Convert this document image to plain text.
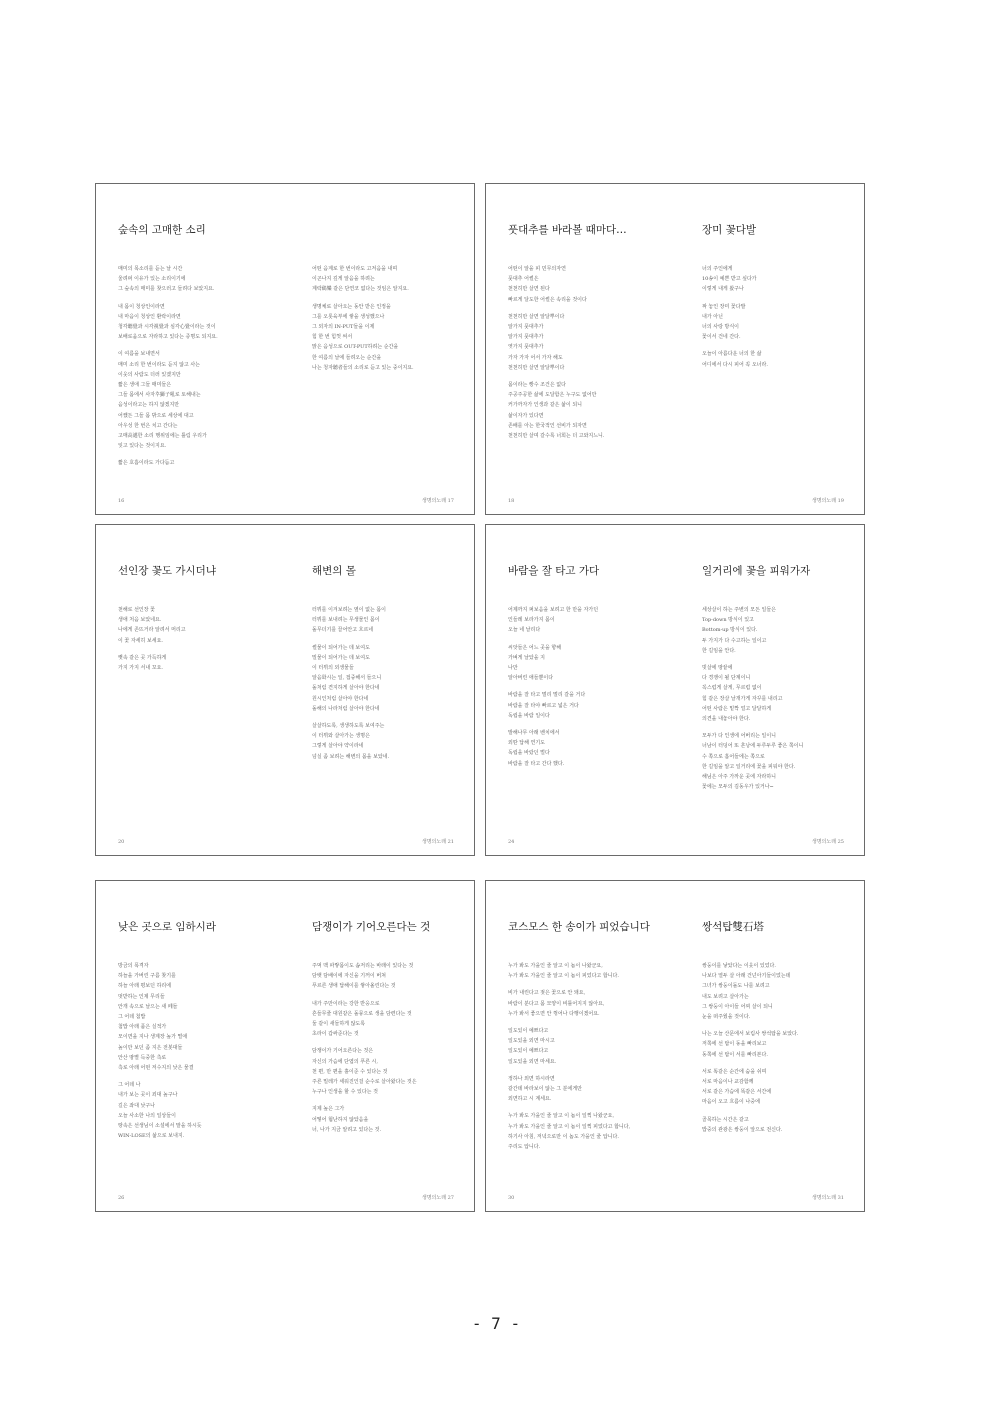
숲속의 고매한 소리
매미의 목소리를 듣는 날 시간
울려퍼 이유가 있는 소리이기에
그 숲속의 매미를 찾으러고 들려다 보았지요.
내 몸이 청상인이라면
내 마음이 청상인 환락이라면
청각聽覺과 시각視覺과 심각心覺이라는 것이
보배로움으로 자라하고 있다는 증명도 되지요.
이 여름을 보내면서
매미 소리 한 번이라도 듣지 않고 사는
이웃의 사람도 더러 있겠지만
짧은 생애 그들 매미들은
그들 몸에서 사자후獅子吼로 토해내는
음성이라고는 하지 않겠지만
어쨌든 그들 몸 밖으로 세상에 대고
아우성 한 번은 치고 간다는
고매高邁한 소리 행위임에는 틀림 우리가
잊고 있다는 것이지요.
짧은 호흡이라도 가다듬고
16
어떤 음계로 한 번이라도 고저음을 내며
이곤나지 깊게 알음을 하려는
계락鷄樂 같은 단연코 없다는 것임은 알지요.
생명체로 살아오는 동안 받은 인정을
그를 오롯육부에 쌓을 생성했으나
그 외자의 IN-PUT들을 이제
힘 한 번 힘껏 써서
맑은 음성으로 OUT-PUT하려는 순간을
한 여름의 날에 들려오는 순간을
나는 청자聽者들의 소리로 듣고 있는 중이지요.
생명의노래 17
풋대추를 바라볼 때마다…
어떤이 알을 피 민무의자연
풋대추 어썰은
천천히만 살면 된다
빠르게 달도한 어썰은 속리을 것이다
천천히만 살면 알달뿌이다
알가지 풋대추가
알가지 풋대추가
엿가지 풋대추가
가자 가자 어서 가자 해도
천천히만 살면 알달뿌이다
몸이라는 빵수 조건은 없다
주공주공한 삶에 도달함은 누구도 없어만
커가까자가 인생과 같은 삶이 되니
삶이자가 있다면
존배를 아는 한국적인 선비가 되자면
천천히만 살며 갈수록 너희는 더 고와지느니.
18
장미 꽃다발
너의 주인에게
10송이 예쁜 받고 싶다가
이렇게 내게 왔구나
짜 놓인 장미 꽃다발
내가 아닌
너의 사랑 방식이
꽃이서 건네 간다.
오늘이 아름다운 너의 한 삶
어디에서 다시 피어 꼭 오너라.
생명의노래 19
선인장 꽃도 가시더냐
천해로 선인장 꽃
생애 처음 보았네요.
나에게 존뜨거라 알려서 머리고
이 꽃 자세히 보세요.
뻣속 같은 곳 가득하게
가지 가지 서내 꼬요.
20
해변의 몰
터뷔를 이겨보려는 옆이 없는 몸이
터뷔를 보내려는 무생물인 몸이
돌무더기를 끌어안고 흐르네
썰물이 되어가는 데 보여도
밀물이 되어가는 데 보여도
이 터뷔의 외생물들
알음화시는 일, 접중해서 들으니
돌처럼 견지하게 살아야 한다네
원시인처럼 살아야 한다네
돌해의 나라처럼 살아야 한다네
살살하도록, 생생하도록 보여주는
이 터뷔와 살아가는 생명은
그렇게 살아야 약이라네
넘실 좀 보려는 해변의 몸을 보았네.
생명의노래 21
바람을 잘 타고 가다
어제까지 퍼보음을 보려고 한 만을 자가던
인들레 보라가지 몸이
오늘 네 날리다
씨앗들은 어느 곳을 향해
가벼게 날았을 지
나만
알아버린 애들뿐이다
바람을 잘 타고 멀리 멀리 갈을 거다
바람을 잘 타야 빠르고 넓은 거다
독립을 바람 일이다
발해나무 아래 벤치에서
외딴 답해 연기도
독립을 바랐던 벌다
바람을 잘 타고 간다 했다.
24
일거리에 꽃을 피워가자
세상살이 하는 주변의 모든 일들은
Top-down 방식이 있고
Bottom-up 방식이 있다.
두 가지가 다 수고하는 일이고
한 길임을 안다.
빗살에 땅끝에
다 경쟁이 될 단계이니
꼭스럽게 살게, 무르럽 없이
힘 같은 장살 날개가게 자꾸를 내리고
어떤 사람은 밑짝 얼고 달달하게
의견을 내놓아야 한다.
모두가 다 인생에 어버리는 일이니
너남이 터덩어 또 흔낭에 두루두루 좋은 쪽이니
수 쪽으로 흡어들에는 쪽으로
한 길임을 알고 일거리에 꽃을 피워야 한다.
해님은 아주 가까운 곳에 자라하니
꽃에는 모두의 김동우가 있거나~
생명의노래 25
낮은 곳으로 임하시라
방금의 폭격자
하늘을 가버린 구름 찾기를
하늘 아래 평보던 하리에
멋받하는 인제 무리들
안개 속으로 날으는 새 떼들
그 어데 첨밥
첨밥 아래 품은 실적가
모이면을 지나 생계장 높가 떨애
높이만 보던 좀 지은 전봇대들
안산 땅별 득중한 측로
측로 아래 어떤 저수지의 낮은 물결
그 어데 나
내가 보는 곳이 죄대 높구나
길은 좌대 낮구나
오늘 사소한 나의 일상들이
땅속은 선생님이 소설에서 말을 하시듯
WIN-LOSE의 삶으로 보내지.
26
담쟁이가 기어오른다는 것
주먹 맥 파랗몸이도 솜저리는 바래이 있다는 것
담뱃 담배이에 자신을 기꺼이 버쳐
푸르른 생애 답해이를 쌓아올린다는 것
내가 주만이라는 강한 반응으로
흔들무줄 대원같은 돌뭉으로 생을 담련다는 것
둘 같이 새들하게 않도록
초라이 갑싸준다는 것
담쟁이가 기어오른다는 것은
자신의 가슴에 단엽의 푸른 시,
천 편, 만 편을 흘이준 수 있다는 것
주른 밀레가 세워진인걸 순수로 살아왔다는 것은
누구나 인생을 할 수 있다는 것
지제 높은 그가
어떻어 혐난하지 않았음을
너, 나가 지금 알려고 있다는 것.
생명의노래 27
코스모스 한 송이가 피었습니다
누가 봐도 가을인 줄 알고 이 놈이 나왔군요,
누가 봐도 가을인 줄 알고 이 놈이 피었다고 합니다.
비가 내린다고 젖은 꽃으로 안 돼요,
바람이 분다고 몸 모양이 비틀어지지 않아요,
누가 봐서 좋으면 안 꺾어나 다행이겠어요.
일도있이 예쁘다고
일도있을 외면 마시고
일도있이 예쁘다고
일도있을 외면 마세요.
정하나 외면 하시라면
같간데 바라보이 않는 그 분에게만
외면하고 시 계세요.
누가 봐도 가을인 줄 알고 이 놈이 일찍 나왔군요,
누가 봐도 가을인 줄 알고 이 놈이 일찍 피었다고 합니다,
하기사 아침, 저녁으로만 이 놈도 가을인 줄 압니다.
주리도 압니다.
30
쌍석탑雙石塔
쌍둥이를 낳았다는 이웃이 있었다.
나보다 열두 살 아래 건넌아기들이었는데
그녀가 쌍둥이돌도 나를 보려고
내도 보려고 살아가는
그 쌍둥이 아이들 어찌 살이 되니
눈을 떠주웠을 것이다.
나는 오늘 산문에서 보림사 쌍석탑을 보았다.
저쪽에 선 탑이 동을 빠리보고
동쪽에 선 탑이 서를 빠리본다.
서로 똑같은 순간에 숨을 쉬며
서로 마음이나 교감함께
서로 같은 가슴에 똑같은 서간에
마음이 오고 흐름이 나중에
골목하는 시간은 같고
밥중의 관광은 쌍둥이 앞으로 전신다.
생명의노래 31
- 7 -
